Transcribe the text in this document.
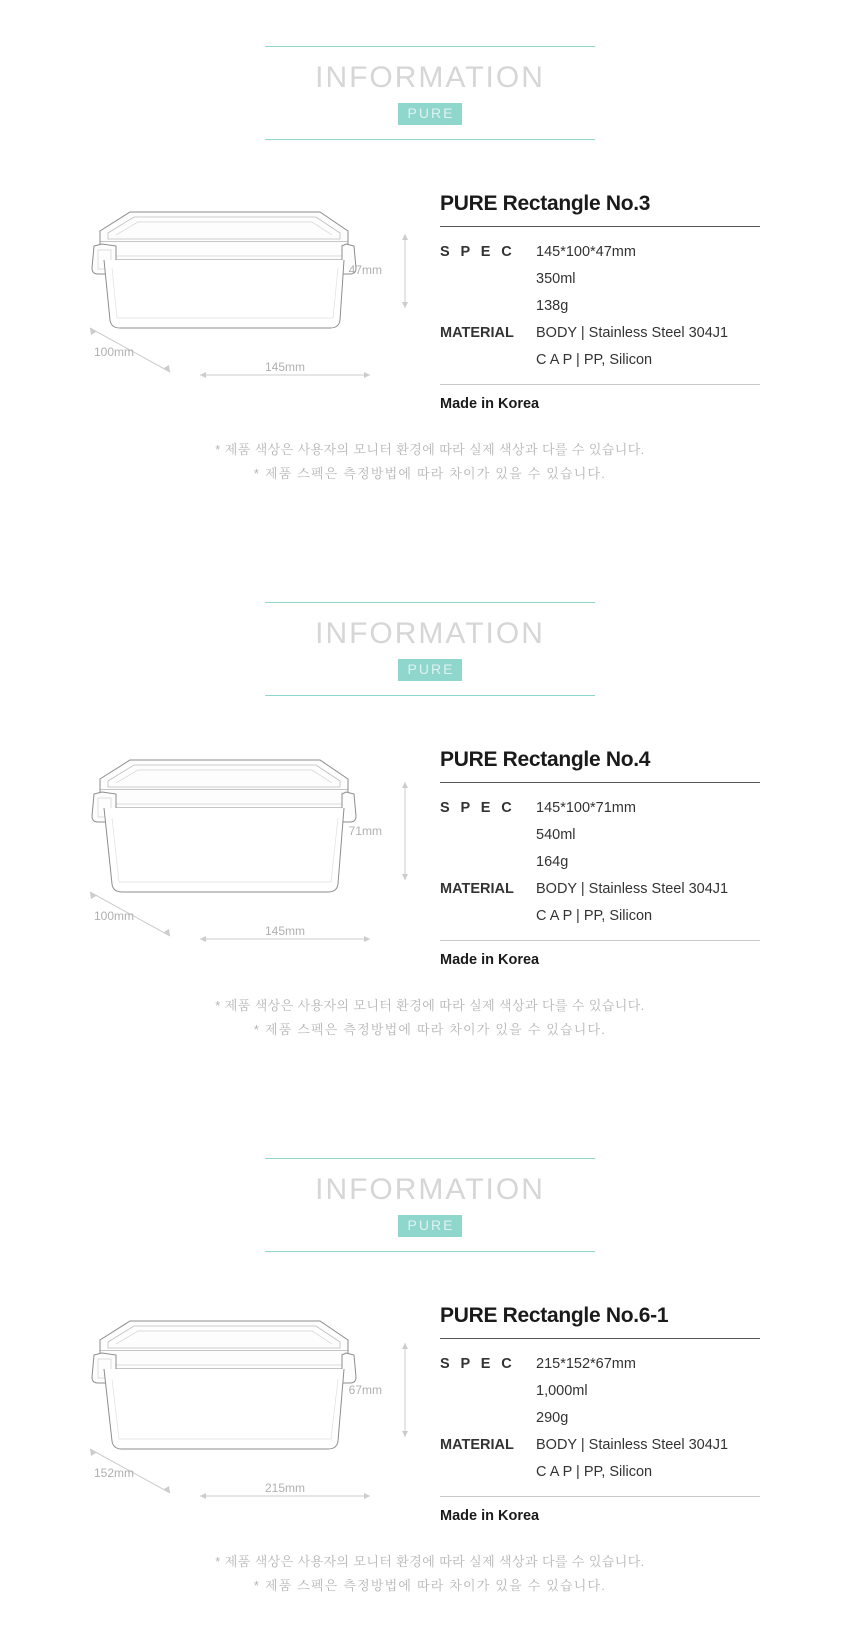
INFORMATION
PURE
47mm
100mm
145mm
PURE Rectangle No.3
S P E C	145*100*47mm
	350ml
	138g
MATERIAL	BODY | Stainless Steel 304J1
	C A P | PP, Silicon
Made in Korea
* 제품 색상은 사용자의 모니터 환경에 따라 실제 색상과 다를 수 있습니다.
* 제품 스펙은 측정방법에 따라 차이가 있을 수 있습니다.
INFORMATION
PURE
71mm
100mm
145mm
PURE Rectangle No.4
S P E C	145*100*71mm
	540ml
	164g
MATERIAL	BODY | Stainless Steel 304J1
	C A P | PP, Silicon
Made in Korea
* 제품 색상은 사용자의 모니터 환경에 따라 실제 색상과 다를 수 있습니다.
* 제품 스펙은 측정방법에 따라 차이가 있을 수 있습니다.
INFORMATION
PURE
67mm
152mm
215mm
PURE Rectangle No.6-1
S P E C	215*152*67mm
	1,000ml
	290g
MATERIAL	BODY | Stainless Steel 304J1
	C A P | PP, Silicon
Made in Korea
* 제품 색상은 사용자의 모니터 환경에 따라 실제 색상과 다를 수 있습니다.
* 제품 스펙은 측정방법에 따라 차이가 있을 수 있습니다.
